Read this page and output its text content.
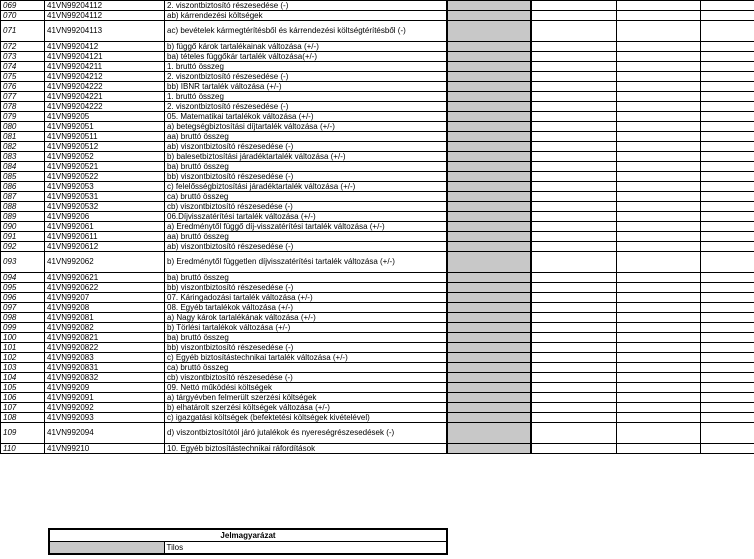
069	41VN99204112	2. viszontbiztosító részesedése (-)					
070	41VN99204112	ab) kárrendezési költségek					
071	41VN99204113	ac) bevételek kármegtérítésből és kárrendezési költségtérítésből (-)					
072	41VN9920412	b) függő károk tartalékainak változása (+/-)					
073	41VN99204121	ba) tételes függőkár tartalék változása(+/-)					
074	41VN99204211	1. bruttó összeg					
075	41VN99204212	2. viszontbiztosító részesedése (-)					
076	41VN99204222	bb) IBNR tartalék változása (+/-)					
077	41VN99204221	1. bruttó összeg					
078	41VN99204222	2. viszontbiztosító részesedése (-)					
079	41VN99205	05. Matematikai tartalékok változása (+/-)					
080	41VN992051	a) betegségbiztosítási díjtartalék változása (+/-)					
081	41VN9920511	aa) bruttó összeg					
082	41VN9920512	ab) viszontbiztosító részesedése (-)					
083	41VN992052	b) balesetbiztosítási járadéktartalék változása (+/-)					
084	41VN9920521	ba) bruttó összeg					
085	41VN9920522	bb) viszontbiztosító részesedése (-)					
086	41VN992053	c) felelősségbiztosítási járadéktartalék változása (+/-)					
087	41VN9920531	ca) bruttó összeg					
088	41VN9920532	cb) viszontbiztosító részesedése (-)					
089	41VN99206	06.Díjvisszatérítési tartalék változása (+/-)					
090	41VN992061	a) Eredménytől függő díj-visszatérítési tartalék változása (+/-)					
091	41VN9920611	aa) bruttó összeg					
092	41VN9920612	ab) viszontbiztosító részesedése (-)					
093	41VN992062	b) Eredménytől független díjvisszatérítési tartalék változása (+/-)					
094	41VN9920621	ba) bruttó összeg					
095	41VN9920622	bb) viszontbiztosító részesedése (-)					
096	41VN99207	07. Káringadozási tartalék változása (+/-)					
097	41VN99208	08. Egyéb tartalékok változása (+/-)					
098	41VN992081	a) Nagy károk tartalékának változása (+/-)					
099	41VN992082	b) Törlési tartalékok változása (+/-)					
100	41VN9920821	ba) bruttó összeg					
101	41VN9920822	bb) viszontbiztosító részesedése (-)					
102	41VN992083	c) Egyéb biztosítástechnikai tartalék változása (+/-)					
103	41VN9920831	ca) bruttó összeg					
104	41VN9920832	cb) viszontbiztosító részesedése (-)					
105	41VN99209	09. Nettó működési költségek					
106	41VN992091	a) tárgyévben felmerült szerzési költségek					
107	41VN992092	b) elhatárolt szerzési költségek változása (+/-)					
108	41VN992093	c) igazgatási költségek (befektetési költségek kivételével)					
109	41VN992094	d) viszontbiztosítótól járó jutalékok és nyereségrészesedések (-)					
110	41VN99210	10. Egyéb biztosítástechnikai ráfordítások					
Jelmagyarázat
	Tilos
